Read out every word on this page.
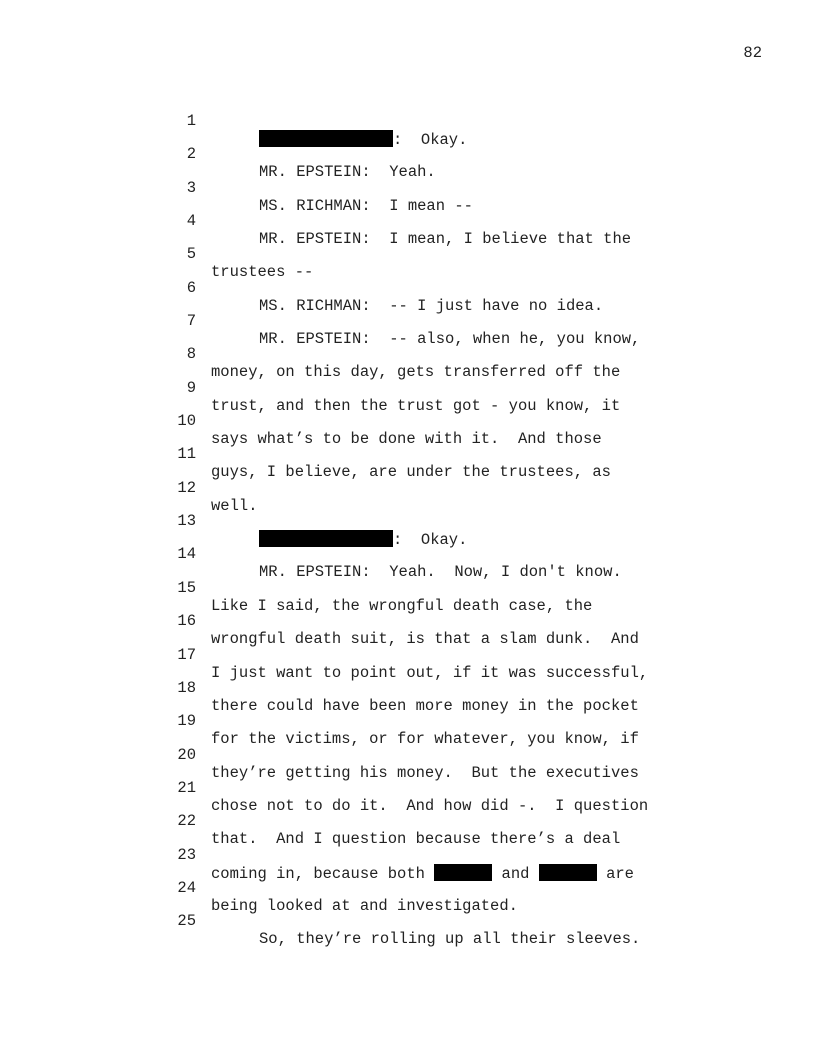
82

1

:  Okay.

2

MR. EPSTEIN:  Yeah.

3

MS. RICHMAN:  I mean --

4

MR. EPSTEIN:  I mean, I believe that the

5

trustees --

6

MS. RICHMAN:  -- I just have no idea.

7

MR. EPSTEIN:  -- also, when he, you know,

8

money, on this day, gets transferred off the

9

trust, and then the trust got - you know, it

10

says what’s to be done with it.  And those

11

guys, I believe, are under the trustees, as

12

well.

13

:  Okay.

14

MR. EPSTEIN:  Yeah.  Now, I don't know.

15

Like I said, the wrongful death case, the

16

wrongful death suit, is that a slam dunk.  And

17

I just want to point out, if it was successful,

18

there could have been more money in the pocket

19

for the victims, or for whatever, you know, if

20

they’re getting his money.  But the executives

21

chose not to do it.  And how did -.  I question

22

that.  And I question because there’s a deal

23

coming in, because both	and	are

24

being looked at and investigated.

25

So, they’re rolling up all their sleeves.
